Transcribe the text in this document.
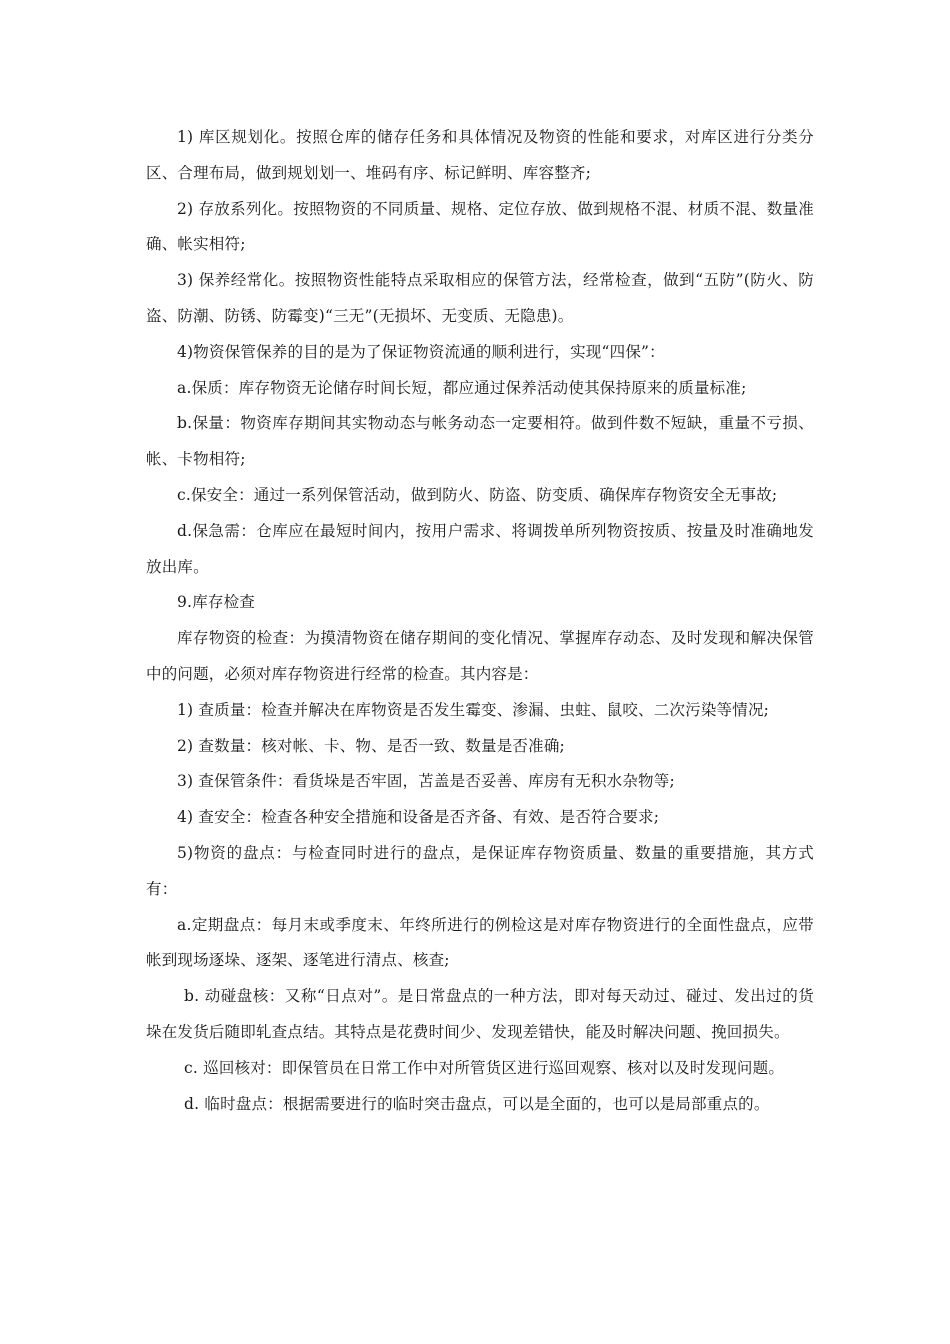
1) 库区规划化。按照仓库的储存任务和具体情况及物资的性能和要求，对库区进行分类分区、合理布局，做到规划划一、堆码有序、标记鲜明、库容整齐;

2) 存放系列化。按照物资的不同质量、规格、定位存放、做到规格不混、材质不混、数量准确、帐实相符;

3) 保养经常化。按照物资性能特点采取相应的保管方法，经常检查，做到“五防”(防火、防盗、防潮、防锈、防霉变)“三无”(无损坏、无变质、无隐患)。

4)物资保管保养的目的是为了保证物资流通的顺利进行，实现“四保”：

a.保质：库存物资无论储存时间长短，都应通过保养活动使其保持原来的质量标准;

b.保量：物资库存期间其实物动态与帐务动态一定要相符。做到件数不短缺，重量不亏损、帐、卡物相符;

c.保安全：通过一系列保管活动，做到防火、防盗、防变质、确保库存物资安全无事故;

d.保急需：仓库应在最短时间内，按用户需求、将调拨单所列物资按质、按量及时准确地发放出库。

9.库存检查

库存物资的检查：为摸清物资在储存期间的变化情况、掌握库存动态、及时发现和解决保管中的问题，必须对库存物资进行经常的检查。其内容是：

1) 查质量：检查并解决在库物资是否发生霉变、渗漏、虫蛀、鼠咬、二次污染等情况;

2) 查数量：核对帐、卡、物、是否一致、数量是否准确;

3) 查保管条件：看货垛是否牢固，苫盖是否妥善、库房有无积水杂物等;

4) 查安全：检查各种安全措施和设备是否齐备、有效、是否符合要求;

5)物资的盘点：与检查同时进行的盘点，是保证库存物资质量、数量的重要措施，其方式有：

a.定期盘点：每月末或季度末、年终所进行的例检这是对库存物资进行的全面性盘点，应带帐到现场逐垛、逐架、逐笔进行清点、核查;

b. 动碰盘核：又称“日点对”。是日常盘点的一种方法，即对每天动过、碰过、发出过的货垛在发货后随即轧查点结。其特点是花费时间少、发现差错快，能及时解决问题、挽回损失。

c. 巡回核对：即保管员在日常工作中对所管货区进行巡回观察、核对以及时发现问题。

d. 临时盘点：根据需要进行的临时突击盘点，可以是全面的，也可以是局部重点的。
